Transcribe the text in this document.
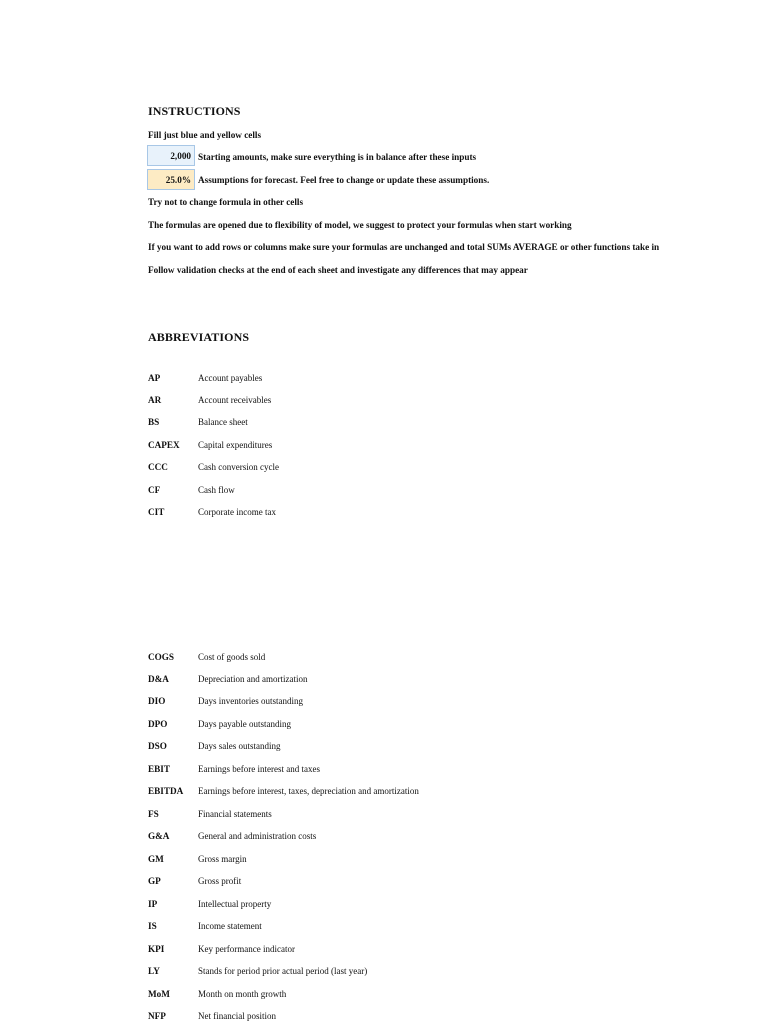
INSTRUCTIONS
Fill just blue and yellow cells
2,000 Starting amounts, make sure everything is in balance after these inputs
25.0% Assumptions for forecast. Feel free to change or update these assumptions.
Try not to change formula in other cells
The formulas are opened due to flexibility of model, we suggest to protect your formulas when start working
If you want to add rows or columns make sure your formulas are unchanged and total SUMs AVERAGE or other functions take in
Follow validation checks at the end of each sheet and investigate any differences that may appear
ABBREVIATIONS
AP	Account payables
AR	Account receivables
BS	Balance sheet
CAPEX Capital expenditures
CCC	Cash conversion cycle
CF	Cash flow
CIT	Corporate income tax
COGS	Cost of goods sold
D&A	Depreciation and amortization
DIO	Days inventories outstanding
DPO	Days payable outstanding
DSO	Days sales outstanding
EBIT	Earnings before interest and taxes
EBITDA Earnings before interest, taxes, depreciation and amortization
FS	Financial statements
G&A	General and administration costs
GM	Gross margin
GP	Gross profit
IP	Intellectual property
IS	Income statement
KPI	Key performance indicator
LY	Stands for period prior actual period (last year)
MoM	Month on month growth
NFP	Net financial position
